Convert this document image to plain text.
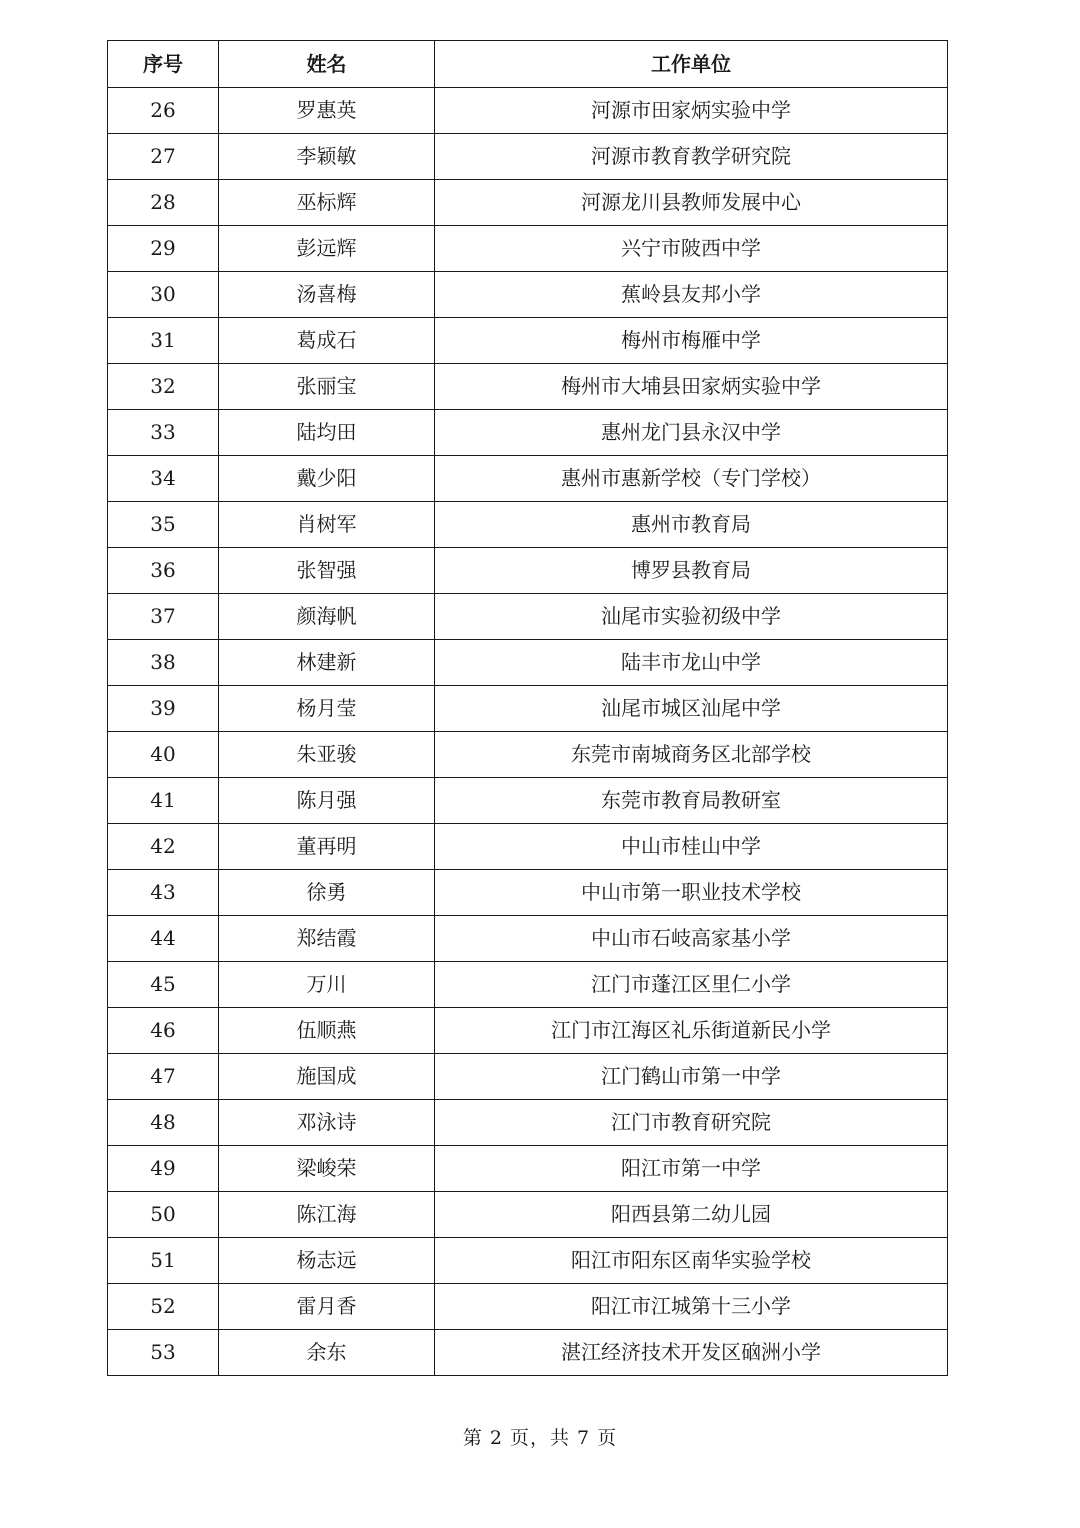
序号	姓名	工作单位
26	罗惠英	河源市田家炳实验中学
27	李颖敏	河源市教育教学研究院
28	巫标辉	河源龙川县教师发展中心
29	彭远辉	兴宁市陂西中学
30	汤喜梅	蕉岭县友邦小学
31	葛成石	梅州市梅雁中学
32	张丽宝	梅州市大埔县田家炳实验中学
33	陆均田	惠州龙门县永汉中学
34	戴少阳	惠州市惠新学校（专门学校）
35	肖树军	惠州市教育局
36	张智强	博罗县教育局
37	颜海帆	汕尾市实验初级中学
38	林建新	陆丰市龙山中学
39	杨月莹	汕尾市城区汕尾中学
40	朱亚骏	东莞市南城商务区北部学校
41	陈月强	东莞市教育局教研室
42	董再明	中山市桂山中学
43	徐勇	中山市第一职业技术学校
44	郑结霞	中山市石岐高家基小学
45	万川	江门市蓬江区里仁小学
46	伍顺燕	江门市江海区礼乐街道新民小学
47	施国成	江门鹤山市第一中学
48	邓泳诗	江门市教育研究院
49	梁峻荣	阳江市第一中学
50	陈江海	阳西县第二幼儿园
51	杨志远	阳江市阳东区南华实验学校
52	雷月香	阳江市江城第十三小学
53	余东	湛江经济技术开发区硇洲小学
第 2 页，共 7 页
